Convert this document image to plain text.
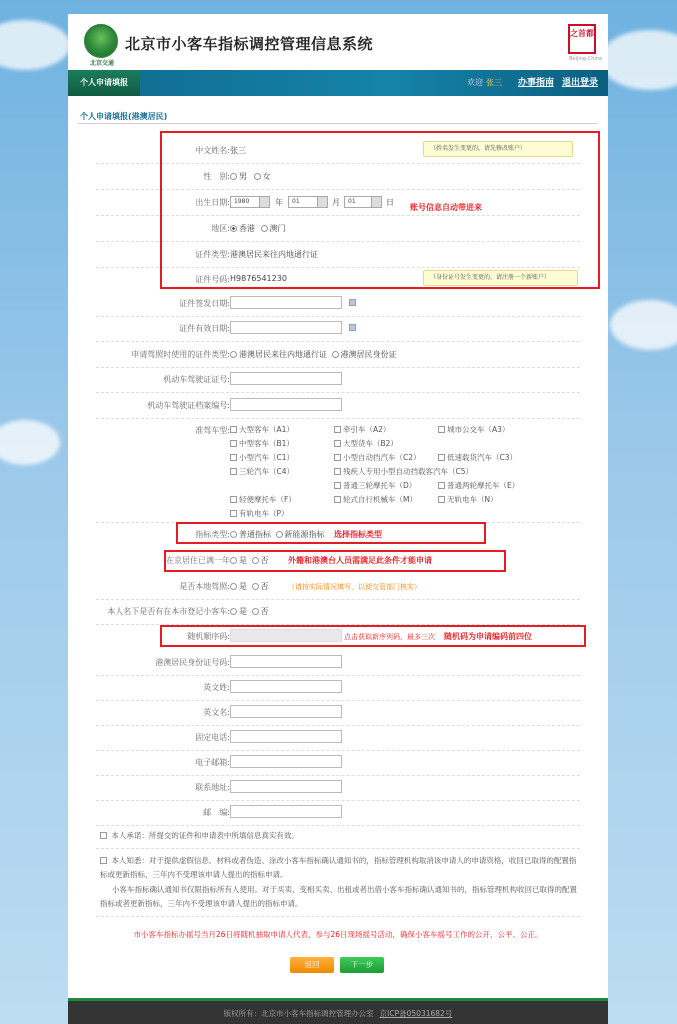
北京交通
北京市小客车指标调控管理信息系统
之首都
Beijing·China
个人申请填报	欢迎 张三 办事指南 退出登录
个人申请填报(港澳居民)
中文姓名: 张三	（姓名发生变更的，请先修改账户）
性　别:	男 女
出生日期: 1980	年	01	月	01	日
地区:	香港 澳门
证件类型: 港澳居民来往内地通行证
证件号码: H9876541230	（身份证号发生变更的，请注册一个新账户）
账号信息自动带进来
证件签发日期:
证件有效日期:
申请驾照时使用的证件类型:	港澳居民来往内地通行证 港澳居民身份证
机动车驾驶证证号:
机动车驾驶证档案编号:
准驾车型:	大型客车（A1）	牵引车（A2）	城市公交车（A3）
中型客车（B1）	大型货车（B2）
小型汽车（C1）	小型自动挡汽车（C2）	低速载货汽车（C3）
三轮汽车（C4）	残疾人专用小型自动挡载客汽车（C5）
普通三轮摩托车（D）	普通两轮摩托车（E）
轻便摩托车（F）	轮式自行机械车（M）	无轨电车（N）
有轨电车（P）
指标类型:	普通指标 新能源指标 选择指标类型
在京居住已满一年	是 否 外籍和港澳台人员需满足此条件才能申请
是否本地驾照:	是 否	（请按实际情况填写，以便交管部门核实）
本人名下是否有在本市登记小客车:	是 否
随机顺序码:	点击获取新序列码，最多三次 随机码为申请编码前四位
港澳居民身份证号码:
英文姓:
英文名:
固定电话:
电子邮箱:
联系地址:
邮　编:
本人承诺：所提交的证件和申请表中所填信息真实有效。
本人知悉：对于提供虚假信息、材料或者伪造、涂改小客车指标确认通知书的，指标管理机构取消该申请人的申请资格，收回已取得的配置指标或更新指标，三年内不受理该申请人提出的指标申请。
小客车指标确认通知书仅限指标所有人使用。对于买卖、变相买卖、出租或者出借小客车指标确认通知书的，指标管理机构收回已取得的配置指标或者更新指标，三年内不受理该申请人提出的指标申请。
市小客车指标办摇号当月26日将随机抽取申请人代表，参与26日现场摇号活动，确保小客车摇号工作的公开、公平、公正。
返回	下一步
版权所有：北京市小客车指标调控管理办公室 京ICP备05031682号
